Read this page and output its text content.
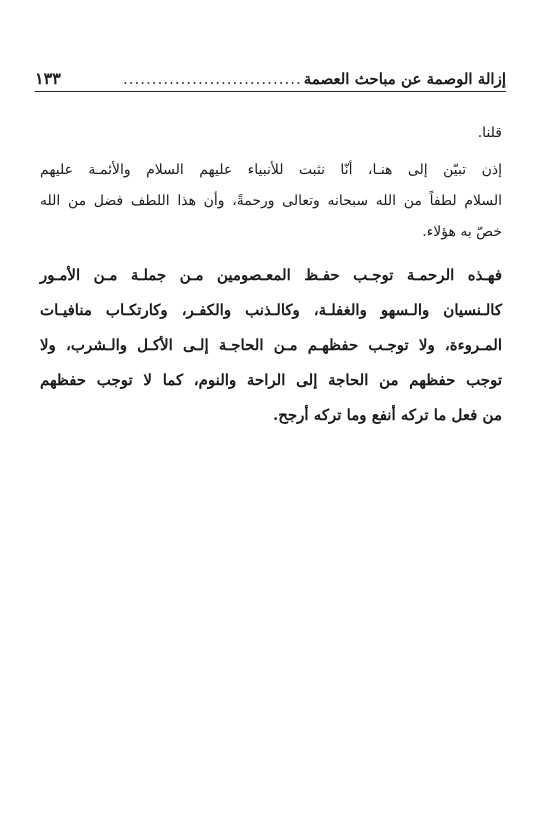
إزالة الوصمة عن مباحث العصمة
...............................
١٣٣
قلنا.
إذن تبيّن إلى هنـا، أنّا نثبت للأنبياء عليهم السلام والأئمـة عليهم
السلام لطفاً من الله سبحانه وتعالى ورحمةً، وأن هذا اللطف فضل من الله
خصّ به هؤلاء.
فهـذه الرحمـة توجـب حفـظ المعـصومين مـن جملـة مـن الأمـور
كالـنسيان والـسهو والغفلـة، وكالـذنب والكفـر، وكارتكـاب منافيـات
المـروءة، ولا توجـب حفظهـم مـن الحاجـة إلـى الأكـل والـشرب، ولا
توجب حفظهم من الحاجة إلى الراحة والنوم، كما لا توجب حفظهم
من فعل ما تركه أنفع وما تركه أرجح.
